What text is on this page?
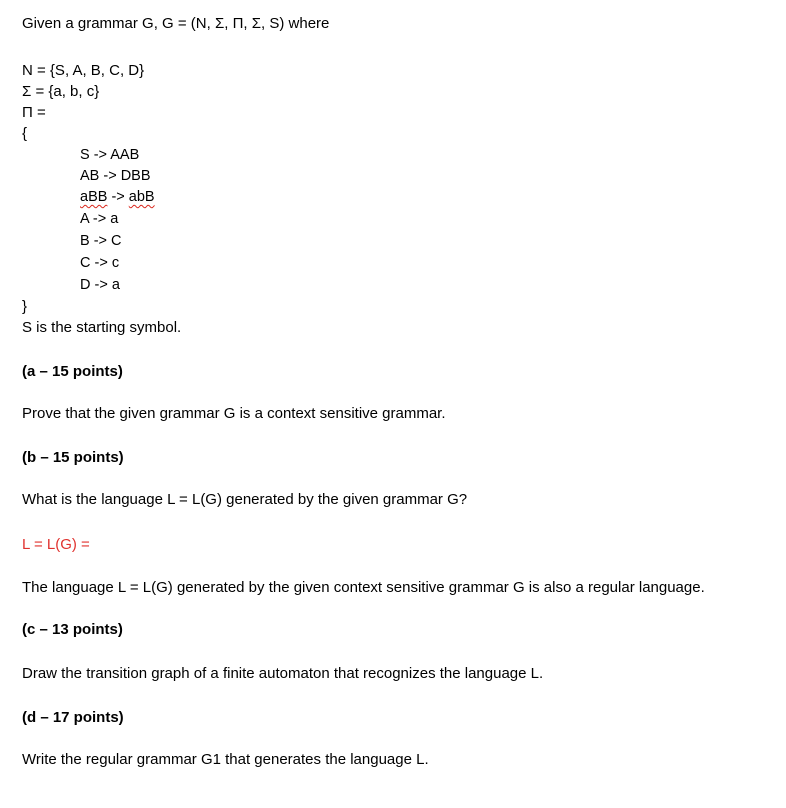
Given a grammar G, G = (N, Σ, Π, Σ, S) where
N = {S, A, B, C, D}
Σ = {a, b, c}
Π =
{
S -> AAB
AB -> DBB
aBB -> abB
A -> a
B -> C
C -> c
D -> a
}
S is the starting symbol.
(a – 15 points)
Prove that the given grammar G is a context sensitive grammar.
(b – 15 points)
What is the language L = L(G) generated by the given grammar G?
L = L(G) =
The language L = L(G) generated by the given context sensitive grammar G is also a regular language.
(c – 13 points)
Draw the transition graph of a finite automaton that recognizes the language L.
(d – 17 points)
Write the regular grammar G1 that generates the language L.
